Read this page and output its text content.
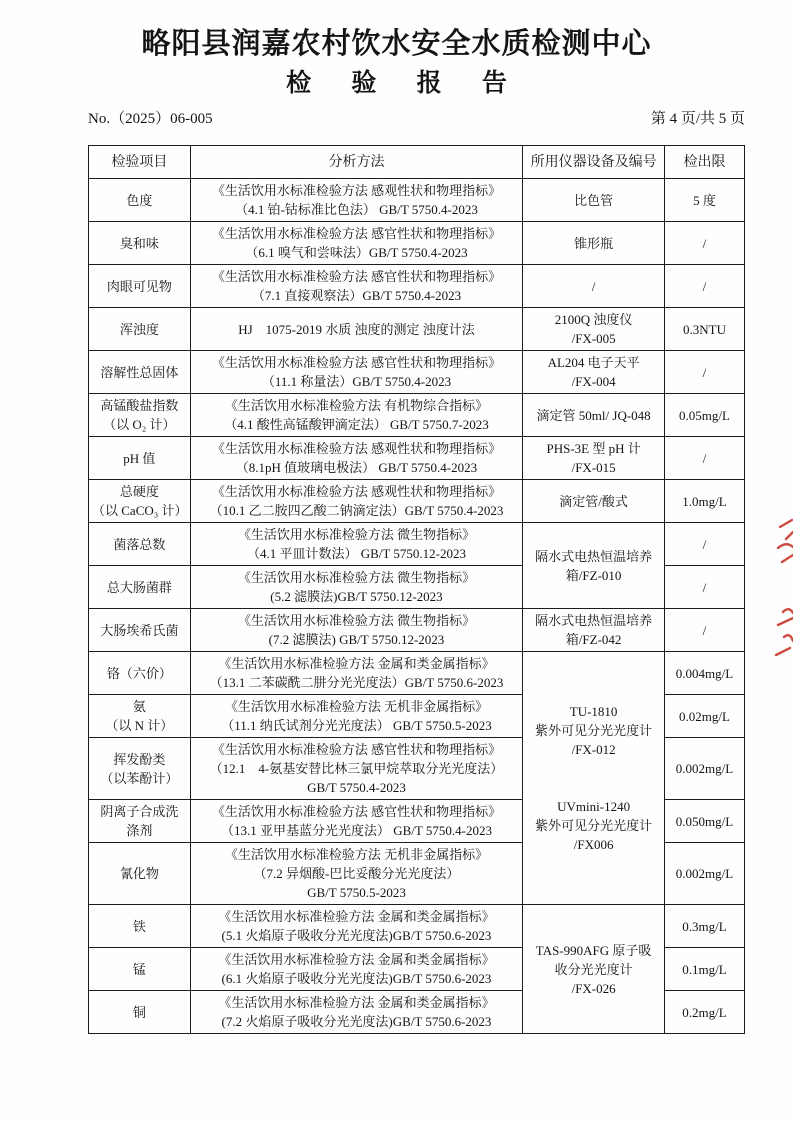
略阳县润嘉农村饮水安全水质检测中心
检 验 报 告
No.（2025）06-005	第 4 页/共 5 页
检验项目	分析方法	所用仪器设备及编号	检出限
色度	《生活饮用水标准检验方法 感观性状和物理指标》
（4.1 铂-钴标准比色法） GB/T 5750.4-2023	比色管	5 度
臭和味	《生活饮用水标准检验方法 感官性状和物理指标》
（6.1 嗅气和尝味法）GB/T 5750.4-2023	锥形瓶	/
肉眼可见物	《生活饮用水标准检验方法 感官性状和物理指标》
（7.1 直接观察法）GB/T 5750.4-2023	/	/
浑浊度	HJ　1075-2019 水质 浊度的测定 浊度计法	2100Q 浊度仪
/FX-005	0.3NTU
溶解性总固体	《生活饮用水标准检验方法 感官性状和物理指标》
（11.1 称量法）GB/T 5750.4-2023	AL204 电子天平
/FX-004	/
高锰酸盐指数
（以 O₂ 计）	《生活饮用水标准检验方法 有机物综合指标》
（4.1 酸性高锰酸钾滴定法） GB/T 5750.7-2023	滴定管 50ml/ JQ-048	0.05mg/L
pH 值	《生活饮用水标准检验方法 感观性状和物理指标》
（8.1pH 值玻璃电极法） GB/T 5750.4-2023	PHS-3E 型 pH 计
/FX-015	/
总硬度
（以 CaCO₃ 计）	《生活饮用水标准检验方法 感观性状和物理指标》
（10.1 乙二胺四乙酸二钠滴定法）GB/T 5750.4-2023	滴定管/酸式	1.0mg/L
菌落总数	《生活饮用水标准检验方法 微生物指标》
（4.1 平皿计数法） GB/T 5750.12-2023	隔水式电热恒温培养
箱/FZ-010	/
总大肠菌群	《生活饮用水标准检验方法 微生物指标》
(5.2 滤膜法)GB/T 5750.12-2023		/
大肠埃希氏菌	《生活饮用水标准检验方法 微生物指标》
(7.2 滤膜法) GB/T 5750.12-2023	隔水式电热恒温培养
箱/FZ-042	/
铬（六价）	《生活饮用水标准检验方法 金属和类金属指标》
（13.1 二苯碳酰二肼分光光度法）GB/T 5750.6-2023	TU-1810
紫外可见分光光度计
/FX-012

UVmini-1240
紫外可见分光光度计
/FX006	0.004mg/L
氨
（以 N 计）	《生活饮用水标准检验方法 无机非金属指标》
（11.1 纳氏试剂分光光度法） GB/T 5750.5-2023		0.02mg/L
挥发酚类
（以苯酚计）	《生活饮用水标准检验方法 感官性状和物理指标》
（12.1　4-氨基安替比林三氯甲烷萃取分光光度法）
GB/T 5750.4-2023		0.002mg/L
阴离子合成洗
涤剂	《生活饮用水标准检验方法 感官性状和物理指标》
（13.1 亚甲基蓝分光光度法） GB/T 5750.4-2023		0.050mg/L
氰化物	《生活饮用水标准检验方法 无机非金属指标》
（7.2 异烟酸-巴比妥酸分光光度法）
GB/T 5750.5-2023		0.002mg/L
铁	《生活饮用水标准检验方法 金属和类金属指标》
(5.1 火焰原子吸收分光光度法)GB/T 5750.6-2023	TAS-990AFG 原子吸
收分光光度计
/FX-026	0.3mg/L
锰	《生活饮用水标准检验方法 金属和类金属指标》
(6.1 火焰原子吸收分光光度法)GB/T 5750.6-2023		0.1mg/L
铜	《生活饮用水标准检验方法 金属和类金属指标》
(7.2 火焰原子吸收分光光度法)GB/T 5750.6-2023		0.2mg/L
